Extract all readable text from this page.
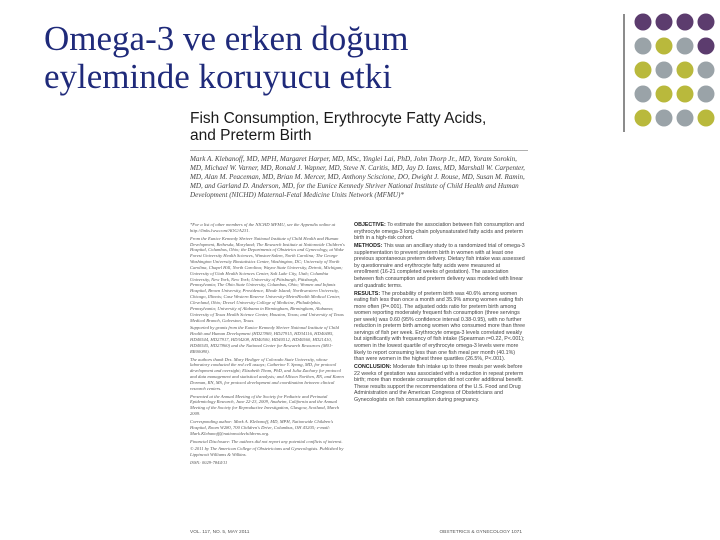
Omega-3 ve erken doğum eyleminde koruyucu etki
Fish Consumption, Erythrocyte Fatty Acids,
and Preterm Birth

Mark A. Klebanoff, MD, MPH, Margaret Harper, MD, MSc, Yinglei Lai, PhD, John Thorp Jr., MD, Yoram Sorokin, MD, Michael W. Varner, MD, Ronald J. Wapner, MD, Steve N. Caritis, MD, Jay D. Iams, MD, Marshall W. Carpenter, MD, Alan M. Peaceman, MD, Brian M. Mercer, MD, Anthony Sciscione, DO, Dwight J. Rouse, MD, Susan M. Ramin, MD, and Garland D. Anderson, MD, for the Eunice Kennedy Shriver National Institute of Child Health and Human Development (NICHD) Maternal-Fetal Medicine Units Network (MFMU)*

*For a list of other members of the NICHD MFMU, see the Appendix online at http://links.lww.com/AOG/A231.

From the Eunice Kennedy Shriver National Institute of Child Health and Human Development, Bethesda, Maryland; The Research Institute at Nationwide Children's Hospital, Columbus, Ohio; the Departments of Obstetrics and Gynecology, at Wake Forest University Health Sciences, Winston-Salem, North Carolina; The George Washington University Biostatistics Center, Washington, DC; University of North Carolina, Chapel Hill, North Carolina; Wayne State University, Detroit, Michigan; University of Utah Health Sciences Center, Salt Lake City, Utah; Columbia University, New York, New York; University of Pittsburgh, Pittsburgh, Pennsylvania; The Ohio State University, Columbus, Ohio; Women and Infants Hospital, Brown University, Providence, Rhode Island; Northwestern University, Chicago, Illinois; Case Western Reserve University-MetroHealth Medical Center, Cleveland, Ohio; Drexel University College of Medicine, Philadelphia, Pennsylvania; University of Alabama in Birmingham, Birmingham, Alabama; University of Texas Health Science Center, Houston, Texas; and University of Texas Medical Branch, Galveston, Texas.

Supported by grants from the Eunice Kennedy Shriver National Institute of Child Health and Human Development (HD27869, HD27915, HD34116, HD40485, HD40544, HD27917, HD34208, HD40500, HD40512, HD40560, HD21410, HD40545, HD27860) and the National Center for Research Resources (M01-RR00080).

The authors thank Drs. Mary Hediger of Colorado State University, whose laboratory conducted the red cell assays; Catherine Y. Spong, MD, for protocol development and oversight; Elizabeth Thom, PhD, and Julia Zachary for protocol and data management and statistical analysis; and Allison Northen, RN, and Karen Dorman, RN, MS, for protocol development and coordination between clinical research centers.

Presented at the Annual Meeting of the Society for Pediatric and Perinatal Epidemiology Research, June 22-23, 2009, Anaheim, California and the Annual Meeting of the Society for Reproductive Investigation, Glasgow, Scotland, March 2009.

Corresponding author: Mark A. Klebanoff, MD, MPH, Nationwide Children's Hospital, Room W280, 700 Children's Drive, Columbus, OH 43205; e-mail: Mark.Klebanoff@nationwidechildrens.org.

Financial Disclosure: The authors did not report any potential conflicts of interest.

© 2011 by The American College of Obstetricians and Gynecologists. Published by Lippincott Williams & Wilkins.

ISSN: 0029-7844/11

OBJECTIVE: To estimate the association between fish consumption and erythrocyte omega-3 long-chain polyunsaturated fatty acids and preterm birth in a high-risk cohort.

METHODS: This was an ancillary study to a randomized trial of omega-3 supplementation to prevent preterm birth in women with at least one previous spontaneous preterm delivery. Dietary fish intake was assessed by questionnaire and erythrocyte fatty acids were measured at enrollment (16-21 completed weeks of gestation). The association between fish consumption and preterm delivery was modeled with linear and quadratic terms.

RESULTS: The probability of preterm birth was 40.6% among women eating fish less than once a month and 35.9% among women eating fish more often (P=.001). The adjusted odds ratio for preterm birth among women reporting moderately frequent fish consumption (three servings per week) was 0.60 (95% confidence interval 0.38-0.95), with no further reduction in preterm birth among women who consumed more than three servings of fish per week. Erythrocyte omega-3 levels correlated weakly but significantly with frequency of fish intake (Spearman r=0.22, P<.001); women in the lowest quartile of erythrocyte omega-3 levels were more likely to report consuming less than one fish meal per month (40.1%) than were women in the highest three quartiles (26.5%, P<.001).

CONCLUSION: Moderate fish intake up to three meals per week before 22 weeks of gestation was associated with a reduction in repeat preterm birth; more than moderate consumption did not confer additional benefit. These results support the recommendations of the U.S. Food and Drug Administration and the American Congress of Obstetricians and Gynecologists on fish consumption during pregnancy.

VOL. 117, NO. 5, MAY 2011	OBSTETRICS & GYNECOLOGY 1071
